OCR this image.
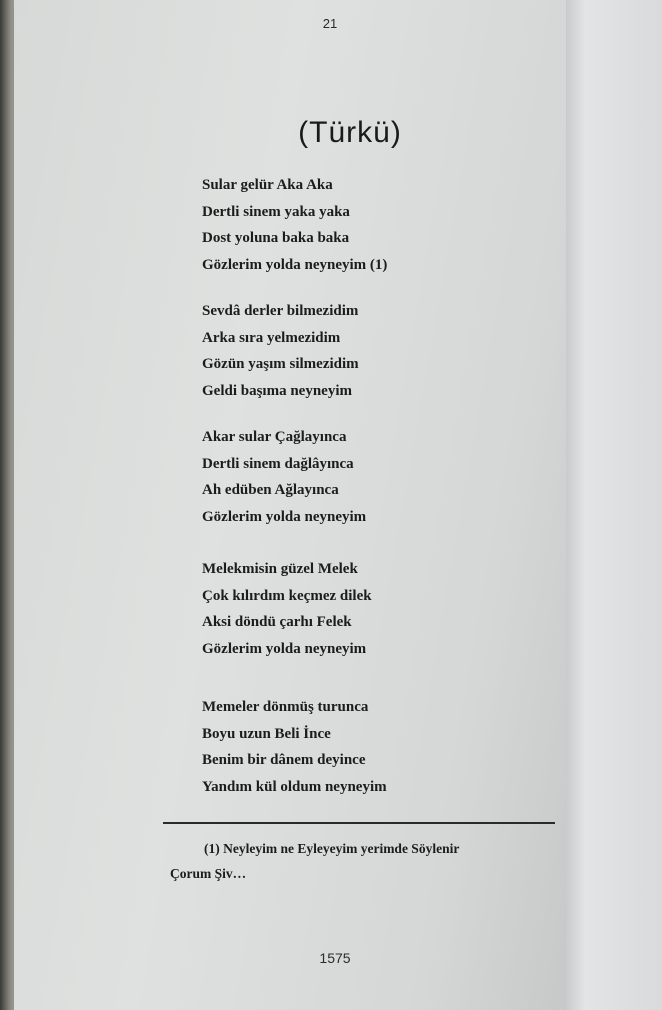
21
(Türkü)
Sular gelür Aka Aka
Dertli sinem yaka yaka
Dost yoluna baka baka
Gözlerim yolda neyneyim (1)
Sevdâ derler bilmezidim
Arka sıra yelmezidim
Gözün yaşım silmezidim
Geldi başıma neyneyim
Akar sular Çağlayınca
Dertli sinem dağlâyınca
Ah edüben Ağlayınca
Gözlerim yolda neyneyim
Melekmisin güzel Melek
Çok kılırdım keçmez dilek
Aksi döndü çarhı Felek
Gözlerim yolda neyneyim
Memeler dönmüş turunca
Boyu uzun Beli İnce
Benim bir dânem deyince
Yandım kül oldum neyneyim
(1) Neyleyim ne Eyleyeyim yerimde Söylenir
Çorum Şiv…
1575
